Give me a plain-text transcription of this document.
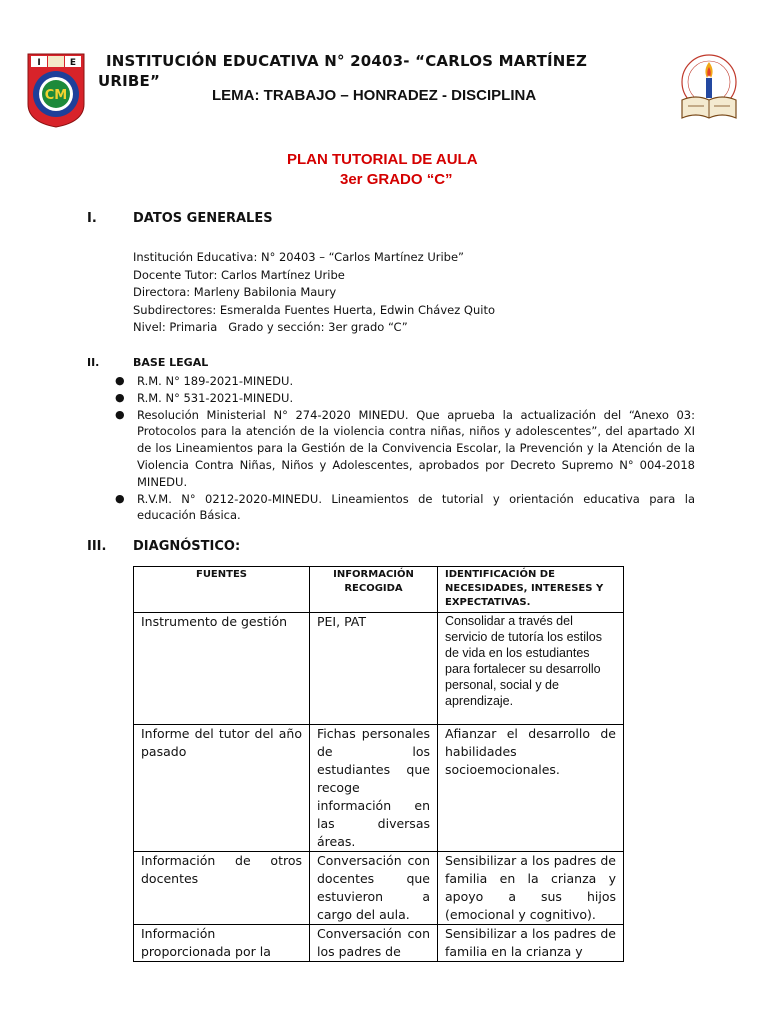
I	E
CM
INSTITUCIÓN EDUCATIVA N° 20403- “CARLOS MARTÍNEZ URIBE”
LEMA: TRABAJO – HONRADEZ - DISCIPLINA
PLAN TUTORIAL DE AULA
3er GRADO “C”
I.	DATOS GENERALES
Institución Educativa: N° 20403 – “Carlos Martínez Uribe”
Docente Tutor: Carlos Martínez Uribe
Directora: Marleny Babilonia Maury
Subdirectores: Esmeralda Fuentes Huerta, Edwin Chávez Quito
Nivel: Primaria   Grado y sección: 3er grado “C”
II.	BASE LEGAL
● R.M. N° 189-2021-MINEDU.
● R.M. N° 531-2021-MINEDU.
● Resolución Ministerial N° 274-2020 MINEDU. Que aprueba la actualización del “Anexo 03: Protocolos para la atención de la violencia contra niñas, niños y adolescentes”, del apartado XI de los Lineamientos para la Gestión de la Convivencia Escolar, la Prevención y la Atención de la Violencia Contra Niñas, Niños y Adolescentes, aprobados por Decreto Supremo N° 004-2018 MINEDU.
● R.V.M. N° 0212-2020-MINEDU. Lineamientos de tutorial y orientación educativa para la educación Básica.
III. DIAGNÓSTICO:
FUENTES	INFORMACIÓN RECOGIDA	IDENTIFICACIÓN DE NECESIDADES, INTERESES Y EXPECTATIVAS.
Instrumento de gestión	PEI, PAT	Consolidar a través del servicio de tutoría los estilos de vida en los estudiantes para fortalecer su desarrollo personal, social y de aprendizaje.
Informe del tutor del año pasado	Fichas personales de los estudiantes que recoge información en las diversas áreas.	Afianzar el desarrollo de habilidades socioemocionales.
Información de otros docentes	Conversación con docentes que estuvieron a cargo del aula.	Sensibilizar a los padres de familia en la crianza y apoyo a sus hijos (emocional y cognitivo).
Información proporcionada por la	Conversación con los padres de	Sensibilizar a los padres de familia en la crianza y
